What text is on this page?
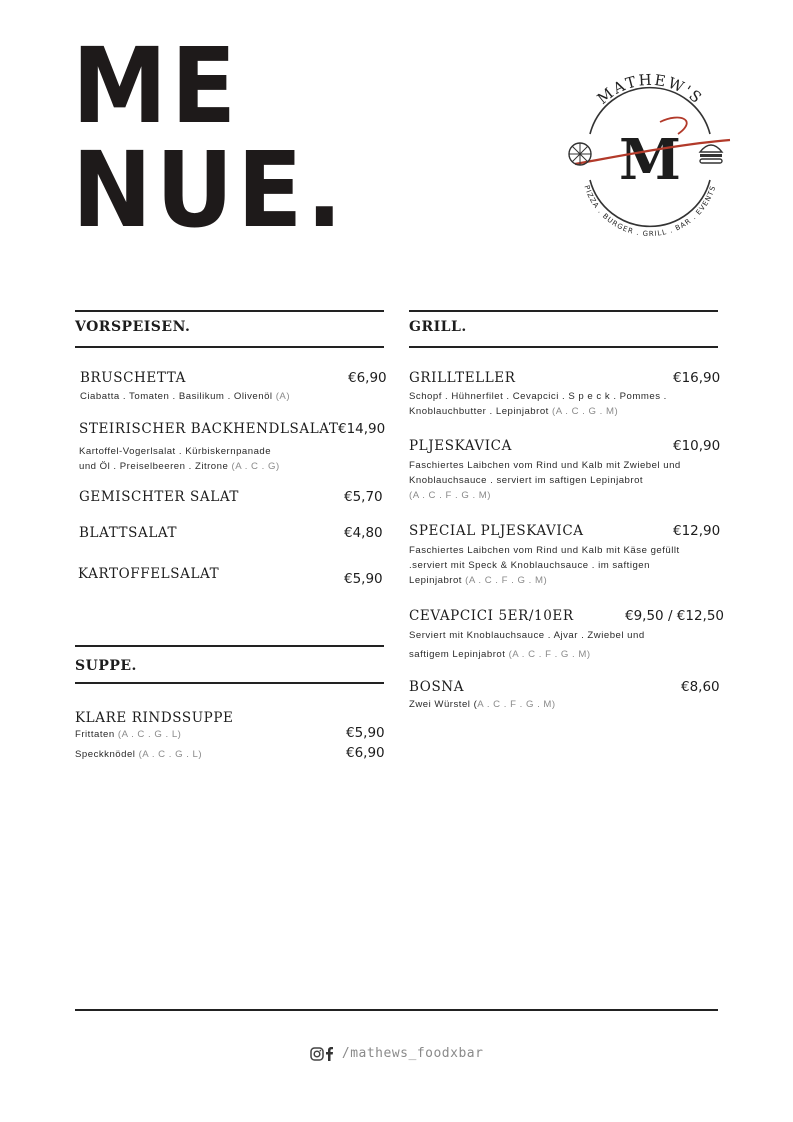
ME
NUE.
MATHEW'S
PIZZA . BURGER . GRILL . BAR . EVENTS
M
VORSPEISEN.
BRUSCHETTA	€6,90
Ciabatta . Tomaten . Basilikum . Olivenöl (A)
STEIRISCHER BACKHENDLSALAT €14,90
Kartoffel-Vogerlsalat . Kürbiskernpanade
und Öl . Preiselbeeren . Zitrone (A . C . G)
GEMISCHTER SALAT	€5,70
BLATTSALAT	€4,80
KARTOFFELSALAT	€5,90
SUPPE.
KLARE RINDSSUPPE
Frittaten (A . C . G . L)	€5,90
Speckknödel (A . C . G . L)	€6,90
GRILL.
GRILLTELLER	€16,90
Schopf . Hühnerfilet . Cevapcici . S p e c k . Pommes .
Knoblauchbutter . Lepinjabrot (A . C . G . M)
PLJESKAVICA	€10,90
Faschiertes Laibchen vom Rind und Kalb mit Zwiebel und
Knoblauchsauce . serviert im saftigen Lepinjabrot
(A . C . F . G . M)
SPECIAL PLJESKAVICA	€12,90
Faschiertes Laibchen vom Rind und Kalb mit Käse gefüllt
.serviert mit Speck & Knoblauchsauce . im saftigen
Lepinjabrot (A . C . F . G . M)
CEVAPCICI 5ER/10ER	€9,50 / €12,50
Serviert mit Knoblauchsauce . Ajvar . Zwiebel und
saftigem Lepinjabrot (A . C . F . G . M)
BOSNA	€8,60
Zwei Würstel (A . C . F . G . M)
/mathews_foodxbar
